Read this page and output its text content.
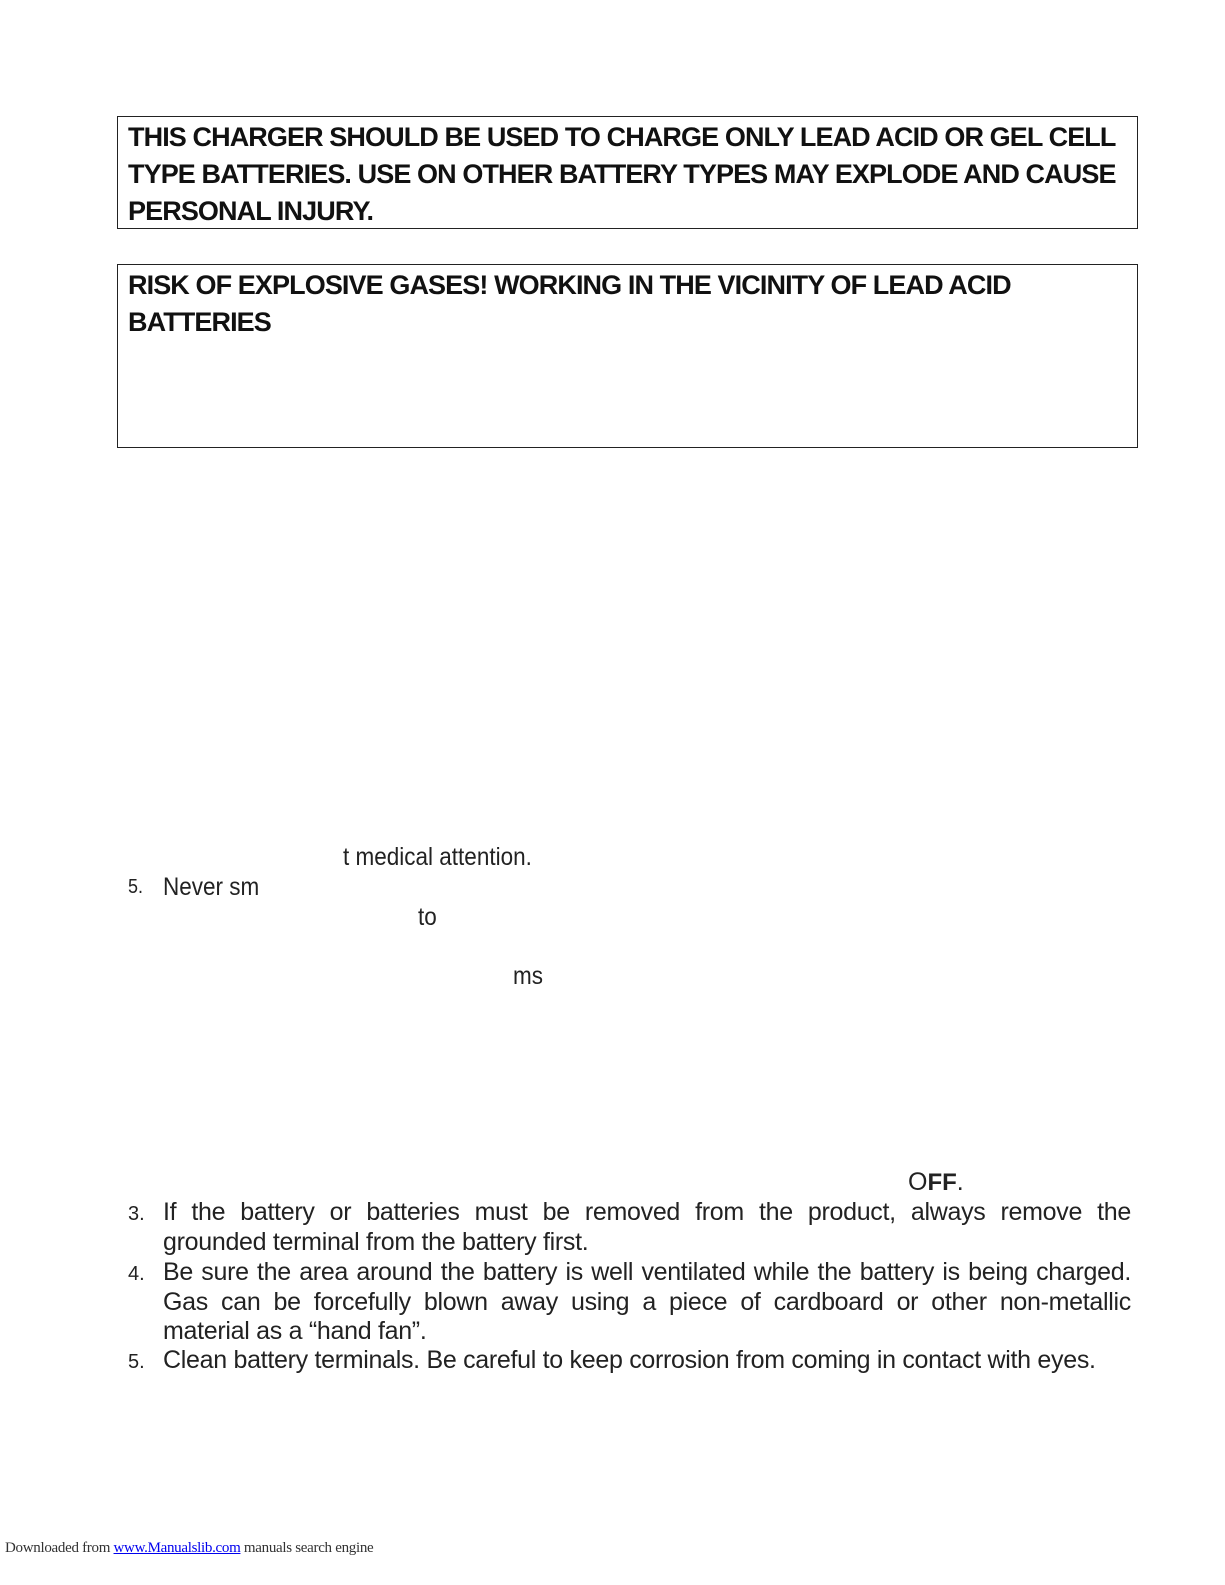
THIS CHARGER SHOULD BE USED TO CHARGE ONLY LEAD ACID OR GEL CELL TYPE BATTERIES. USE ON OTHER BATTERY TYPES MAY EXPLODE AND CAUSE PERSONAL INJURY.
RISK OF EXPLOSIVE GASES! WORKING IN THE VICINITY OF LEAD ACID BATTERIES
t medical attention.
5. Never sm
to
ms
OFF.
3. If the battery or batteries must be removed from the product, always remove the grounded terminal from the battery first.
4. Be sure the area around the battery is well ventilated while the battery is being charged. Gas can be forcefully blown away using a piece of cardboard or other non-metallic material as a “hand fan”.
5. Clean battery terminals. Be careful to keep corrosion from coming in contact with eyes.
Downloaded from www.Manualslib.com manuals search engine
